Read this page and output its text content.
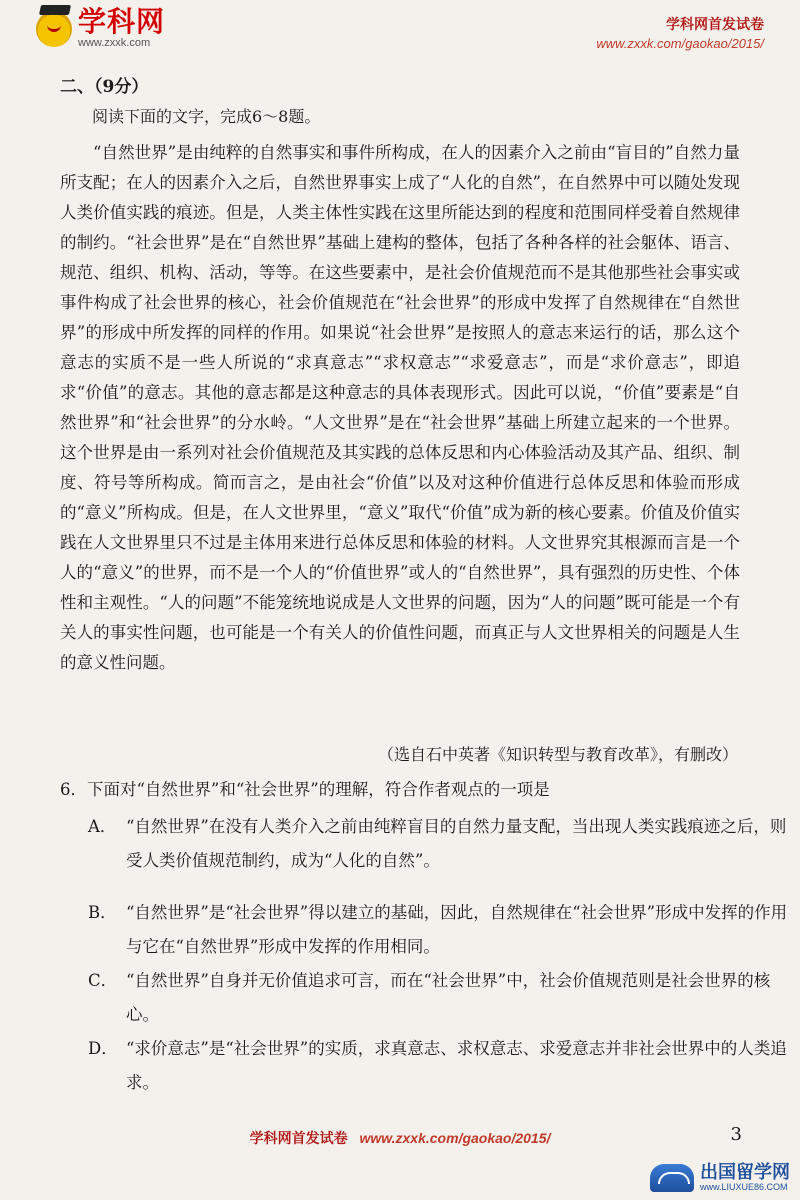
学科网
www.zxxk.com
学科网首发试卷
www.zxxk.com/gaokao/2015/
二、（9分）
阅读下面的文字，完成6～8题。

“自然世界”是由纯粹的自然事实和事件所构成，在人的因素介入之前由“盲目的”自然力量所支配；在人的因素介入之后，自然世界事实上成了“人化的自然”，在自然界中可以随处发现人类价值实践的痕迹。但是，人类主体性实践在这里所能达到的程度和范围同样受着自然规律的制约。“社会世界”是在“自然世界”基础上建构的整体，包括了各种各样的社会躯体、语言、规范、组织、机构、活动，等等。在这些要素中，是社会价值规范而不是其他那些社会事实或事件构成了社会世界的核心，社会价值规范在“社会世界”的形成中发挥了自然规律在“自然世界”的形成中所发挥的同样的作用。如果说“社会世界”是按照人的意志来运行的话，那么这个意志的实质不是一些人所说的“求真意志”“求权意志”“求爱意志”，而是“求价意志”，即追求“价值”的意志。其他的意志都是这种意志的具体表现形式。因此可以说，“价值”要素是“自然世界”和“社会世界”的分水岭。“人文世界”是在“社会世界”基础上所建立起来的一个世界。这个世界是由一系列对社会价值规范及其实践的总体反思和内心体验活动及其产品、组织、制度、符号等所构成。简而言之，是由社会“价值”以及对这种价值进行总体反思和体验而形成的“意义”所构成。但是，在人文世界里，“意义”取代“价值”成为新的核心要素。价值及价值实践在人文世界里只不过是主体用来进行总体反思和体验的材料。人文世界究其根源而言是一个人的“意义”的世界，而不是一个人的“价值世界”或人的“自然世界”，具有强烈的历史性、个体性和主观性。“人的问题”不能笼统地说成是人文世界的问题，因为“人的问题”既可能是一个有关人的事实性问题，也可能是一个有关人的价值性问题，而真正与人文世界相关的问题是人生的意义性问题。

（选自石中英著《知识转型与教育改革》，有删改）
6．下面对“自然世界”和“社会世界”的理解，符合作者观点的一项是

A． “自然世界”在没有人类介入之前由纯粹盲目的自然力量支配，当出现人类实践痕迹之后，则受人类价值规范制约，成为“人化的自然”。

B． “自然世界”是“社会世界”得以建立的基础，因此，自然规律在“社会世界”形成中发挥的作用与它在“自然世界”形成中发挥的作用相同。

C． “自然世界”自身并无价值追求可言，而在“社会世界”中，社会价值规范则是社会世界的核心。

D． “求价意志”是“社会世界”的实质，求真意志、求权意志、求爱意志并非社会世界中的人类追求。

学科网首发试卷 www.zxxk.com/gaokao/2015/	3
出国留学网
www.LIUXUE86.COM
